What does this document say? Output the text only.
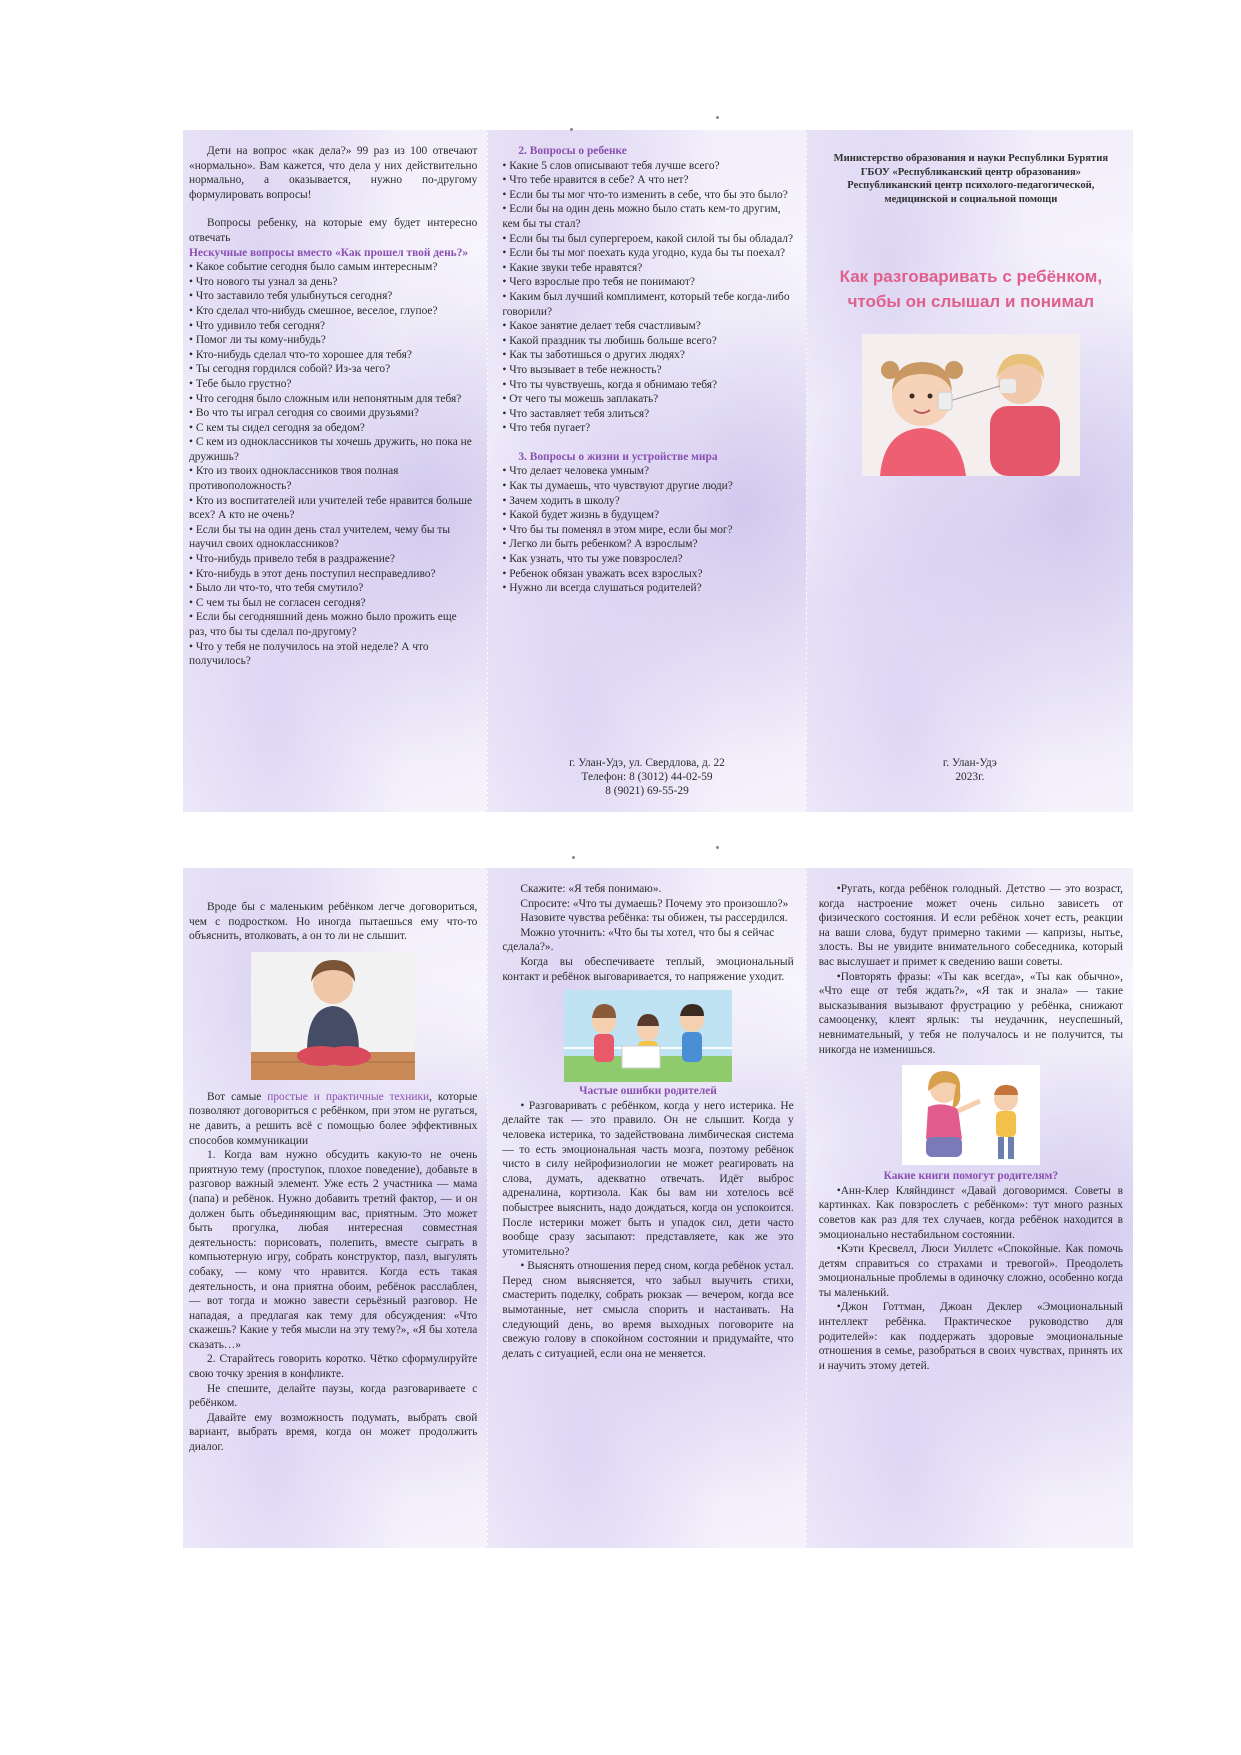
Дети на вопрос «как дела?» 99 раз из 100 отвечают «нормально». Вам кажется, что дела у них действительно нормально, а оказывается, нужно по-другому формулировать вопросы!

Вопросы ребенку, на которые ему будет интересно отвечать

Нескучные вопросы вместо «Как прошел твой день?»

• Какое событие сегодня было самым интересным?
• Что нового ты узнал за день?
• Что заставило тебя улыбнуться сегодня?
• Кто сделал что-нибудь смешное, веселое, глупое?
• Что удивило тебя сегодня?
• Помог ли ты кому-нибудь?
• Кто-нибудь сделал что-то хорошее для тебя?
• Ты сегодня гордился собой? Из-за чего?
• Тебе было грустно?
• Что сегодня было сложным или непонятным для тебя?
• Во что ты играл сегодня со своими друзьями?
• С кем ты сидел сегодня за обедом?
• С кем из одноклассников ты хочешь дружить, но пока не дружишь?
• Кто из твоих одноклассников твоя полная противоположность?
• Кто из воспитателей или учителей тебе нравится больше всех? А кто не очень?
• Если бы ты на один день стал учителем, чему бы ты научил своих одноклассников?
• Что-нибудь привело тебя в раздражение?
• Кто-нибудь в этот день поступил несправедливо?
• Было ли что-то, что тебя смутило?
• С чем ты был не согласен сегодня?
• Если бы сегодняшний день можно было прожить еще раз, что бы ты сделал по-другому?
• Что у тебя не получилось на этой неделе? А что получилось?

2. Вопросы о ребенке

• Какие 5 слов описывают тебя лучше всего?
• Что тебе нравится в себе? А что нет?
• Если бы ты мог что-то изменить в себе, что бы это было?
• Если бы на один день можно было стать кем-то другим, кем бы ты стал?
• Если бы ты был супергероем, какой силой ты бы обладал?
• Если бы ты мог поехать куда угодно, куда бы ты поехал?
• Какие звуки тебе нравятся?
• Чего взрослые про тебя не понимают?
• Каким был лучший комплимент, который тебе когда-либо говорили?
• Какое занятие делает тебя счастливым?
• Какой праздник ты любишь больше всего?
• Как ты заботишься о других людях?
• Что вызывает в тебе нежность?
• Что ты чувствуешь, когда я обнимаю тебя?
• От чего ты можешь заплакать?
• Что заставляет тебя злиться?
• Что тебя пугает?

3. Вопросы о жизни и устройстве мира

• Что делает человека умным?
• Как ты думаешь, что чувствуют другие люди?
• Зачем ходить в школу?
• Какой будет жизнь в будущем?
• Что бы ты поменял в этом мире, если бы мог?
• Легко ли быть ребенком? А взрослым?
• Как узнать, что ты уже повзрослел?
• Ребенок обязан уважать всех взрослых?
• Нужно ли всегда слушаться родителей?

г. Улан-Удэ, ул. Свердлова, д. 22

Телефон: 8 (3012) 44-02-59

8 (9021) 69-55-29

Министерство образования и науки Республики Бурятия

ГБОУ «Республиканский центр образования»

Республиканский центр психолого-педагогической, медицинской и социальной помощи

Как разговаривать с ребёнком, чтобы он слышал и понимал

г. Улан-Удэ

2023г.

Вроде бы с маленьким ребёнком легче договориться, чем с подростком. Но иногда пытаешься ему что-то объяснить, втолковать, а он то ли не слышит.

Вот самые простые и практичные техники, которые позволяют договориться с ребёнком, при этом не ругаться, не давить, а решить всё с помощью более эффективных способов коммуникации

1. Когда вам нужно обсудить какую-то не очень приятную тему (проступок, плохое поведение), добавьте в разговор важный элемент. Уже есть 2 участника — мама (папа) и ребёнок. Нужно добавить третий фактор, — и он должен быть объединяющим вас, приятным. Это может быть прогулка, любая интересная совместная деятельность: порисовать, полепить, вместе сыграть в компьютерную игру, собрать конструктор, пазл, выгулять собаку, — кому что нравится. Когда есть такая деятельность, и она приятна обоим, ребёнок расслаблен, — вот тогда и можно завести серьёзный разговор. Не нападая, а предлагая как тему для обсуждения: «Что скажешь? Какие у тебя мысли на эту тему?», «Я бы хотела сказать…»

2. Старайтесь говорить коротко. Чётко сформулируйте свою точку зрения в конфликте.

Не спешите, делайте паузы, когда разговариваете с ребёнком.

Давайте ему возможность подумать, выбрать свой вариант, выбрать время, когда он может продолжить диалог.

Скажите: «Я тебя понимаю».

Спросите: «Что ты думаешь? Почему это произошло?»

Назовите чувства ребёнка: ты обижен, ты рассердился.

Можно уточнить: «Что бы ты хотел, что бы я сейчас сделала?».

Когда вы обеспечиваете теплый, эмоциональный контакт и ребёнок выговаривается, то напряжение уходит.

Частые ошибки родителей

• Разговаривать с ребёнком, когда у него истерика. Не делайте так — это правило. Он не слышит. Когда у человека истерика, то задействована лимбическая система — то есть эмоциональная часть мозга, поэтому ребёнок чисто в силу нейрофизиологии не может реагировать на слова, думать, адекватно отвечать. Идёт выброс адреналина, кортизола. Как бы вам ни хотелось всё побыстрее выяснить, надо дождаться, когда он успокоится. После истерики может быть и упадок сил, дети часто вообще сразу засыпают: представляете, как же это утомительно?

• Выяснять отношения перед сном, когда ребёнок устал. Перед сном выясняется, что забыл выучить стихи, смастерить поделку, собрать рюкзак — вечером, когда все вымотанные, нет смысла спорить и настаивать. На следующий день, во время выходных поговорите на свежую голову в спокойном состоянии и придумайте, что делать с ситуацией, если она не меняется.

•Ругать, когда ребёнок голодный. Детство — это возраст, когда настроение может очень сильно зависеть от физического состояния. И если ребёнок хочет есть, реакции на ваши слова, будут примерно такими — капризы, нытье, злость. Вы не увидите внимательного собеседника, который вас выслушает и примет к сведению ваши советы.

•Повторять фразы: «Ты как всегда», «Ты как обычно», «Что еще от тебя ждать?», «Я так и знала» — такие высказывания вызывают фрустрацию у ребёнка, снижают самооценку, клеят ярлык: ты неудачник, неуспешный, невнимательный, у тебя не получалось и не получится, ты никогда не изменишься.

Какие книги помогут родителям?

•Анн-Клер Кляйндинст «Давай договоримся. Советы в картинках. Как повзрослеть с ребёнком»: тут много разных советов как раз для тех случаев, когда ребёнок находится в эмоционально нестабильном состоянии.

•Кэти Кресвелл, Люси Уиллетс «Спокойные. Как помочь детям справиться со страхами и тревогой». Преодолеть эмоциональные проблемы в одиночку сложно, особенно когда ты маленький.

•Джон Готтман, Джоан Деклер «Эмоциональный интеллект ребёнка. Практическое руководство для родителей»: как поддержать здоровые эмоциональные отношения в семье, разобраться в своих чувствах, принять их и научить этому детей.
